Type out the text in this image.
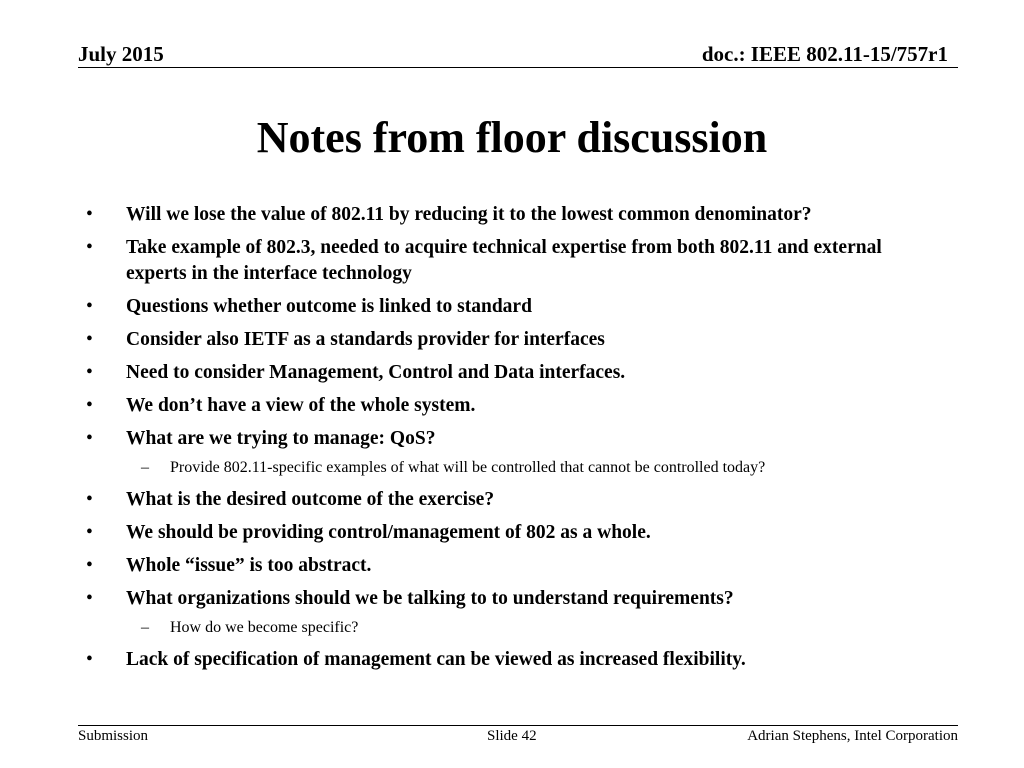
July 2015	doc.: IEEE 802.11-15/757r1
Notes from floor discussion
• Will we lose the value of 802.11 by reducing it to the lowest common denominator?
• Take example of 802.3, needed to acquire technical expertise from both 802.11 and external experts in the interface technology
• Questions whether outcome is linked to standard
• Consider also IETF as a standards provider for interfaces
• Need to consider Management, Control and Data interfaces.
• We don’t have a view of the whole system.
• What are we trying to manage: QoS?
– Provide 802.11-specific examples of what will be controlled that cannot be controlled today?
• What is the desired outcome of the exercise?
• We should be providing control/management of 802 as a whole.
• Whole “issue” is too abstract.
• What organizations should we be talking to to understand requirements?
– How do we become specific?
• Lack of specification of management can be viewed as increased flexibility.
Submission	Slide 42	Adrian Stephens, Intel Corporation
